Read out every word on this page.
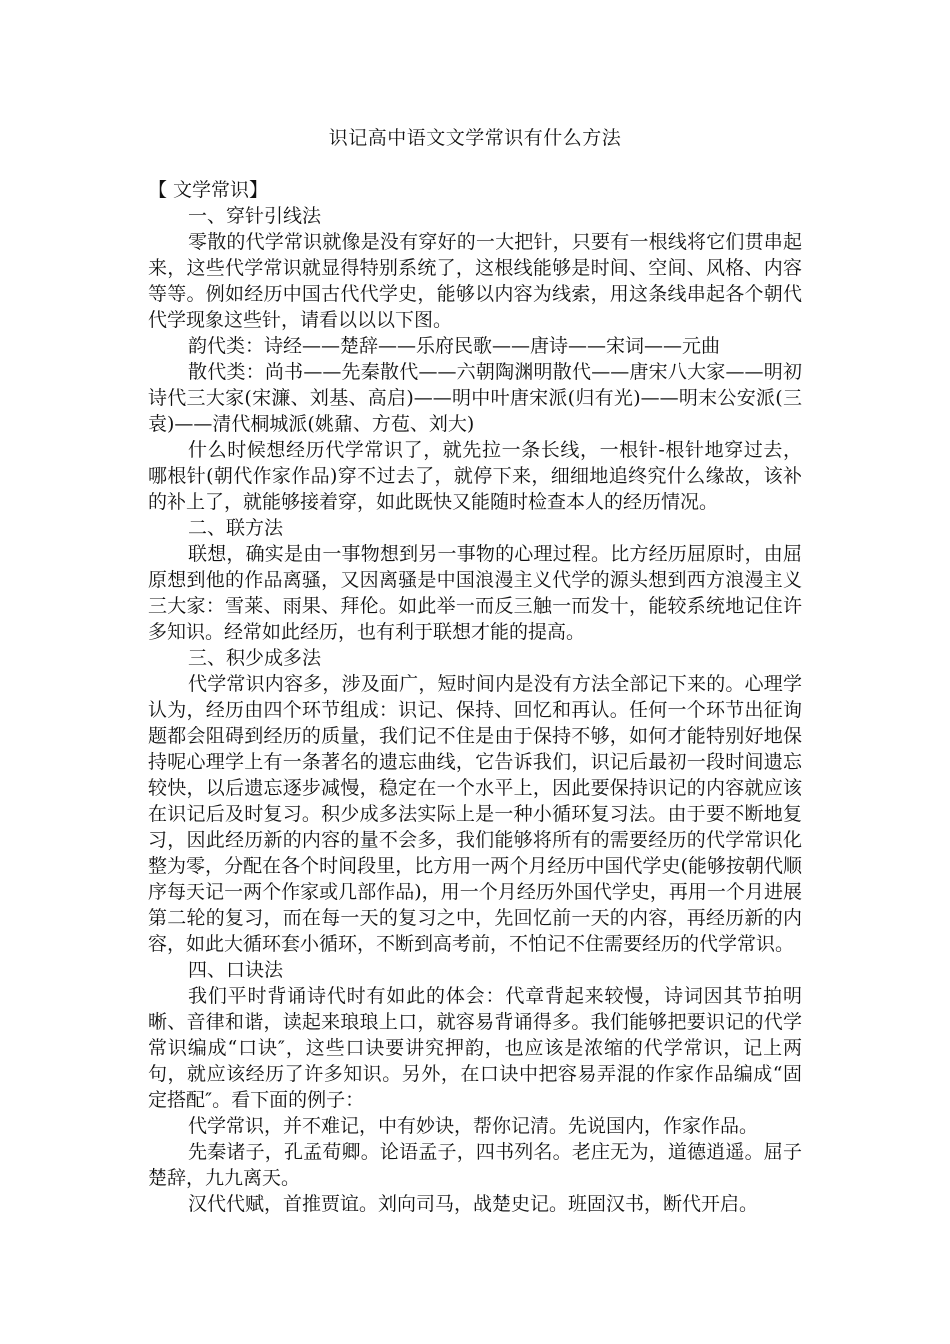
识记高中语文文学常识有什么方法

【 文学常识】

一、穿针引线法

零散的代学常识就像是没有穿好的一大把针，只要有一根线将它们贯串起来，这些代学常识就显得特别系统了，这根线能够是时间、空间、风格、内容等等。例如经历中国古代代学史，能够以内容为线索，用这条线串起各个朝代代学现象这些针，请看以以以下图。

韵代类：诗经——楚辞——乐府民歌——唐诗——宋词——元曲

散代类：尚书——先秦散代——六朝陶渊明散代——唐宋八大家——明初诗代三大家(宋濂、刘基、高启)——明中叶唐宋派(归有光)——明末公安派(三袁)——清代桐城派(姚鼐、方苞、刘大)

什么时候想经历代学常识了，就先拉一条长线，一根针-根针地穿过去，哪根针(朝代作家作品)穿不过去了，就停下来，细细地追终究什么缘故，该补的补上了，就能够接着穿，如此既快又能随时检查本人的经历情况。

二、联方法

联想，确实是由一事物想到另一事物的心理过程。比方经历屈原时，由屈原想到他的作品离骚，又因离骚是中国浪漫主义代学的源头想到西方浪漫主义三大家：雪莱、雨果、拜伦。如此举一而反三触一而发十，能较系统地记住许多知识。经常如此经历，也有利于联想才能的提高。

三、积少成多法

代学常识内容多，涉及面广，短时间内是没有方法全部记下来的。心理学认为，经历由四个环节组成：识记、保持、回忆和再认。任何一个环节出征询题都会阻碍到经历的质量，我们记不住是由于保持不够，如何才能特别好地保持呢心理学上有一条著名的遗忘曲线，它告诉我们，识记后最初一段时间遗忘较快，以后遗忘逐步减慢，稳定在一个水平上，因此要保持识记的内容就应该在识记后及时复习。积少成多法实际上是一种小循环复习法。由于要不断地复习，因此经历新的内容的量不会多，我们能够将所有的需要经历的代学常识化整为零，分配在各个时间段里，比方用一两个月经历中国代学史(能够按朝代顺序每天记一两个作家或几部作品)，用一个月经历外国代学史，再用一个月进展第二轮的复习，而在每一天的复习之中，先回忆前一天的内容，再经历新的内容，如此大循环套小循环，不断到高考前，不怕记不住需要经历的代学常识。

四、口诀法

我们平时背诵诗代时有如此的体会：代章背起来较慢，诗词因其节拍明晰、音律和谐，读起来琅琅上口，就容易背诵得多。我们能够把要识记的代学常识编成“口诀″，这些口诀要讲究押韵，也应该是浓缩的代学常识，记上两句，就应该经历了许多知识。另外，在口诀中把容易弄混的作家作品编成“固定搭配″。看下面的例子：

代学常识，并不难记，中有妙诀，帮你记清。先说国内，作家作品。

先秦诸子，孔孟荀卿。论语孟子，四书列名。老庄无为，道德逍遥。屈子楚辞，九九离天。

汉代代赋，首推贾谊。刘向司马，战楚史记。班固汉书，断代开启。
